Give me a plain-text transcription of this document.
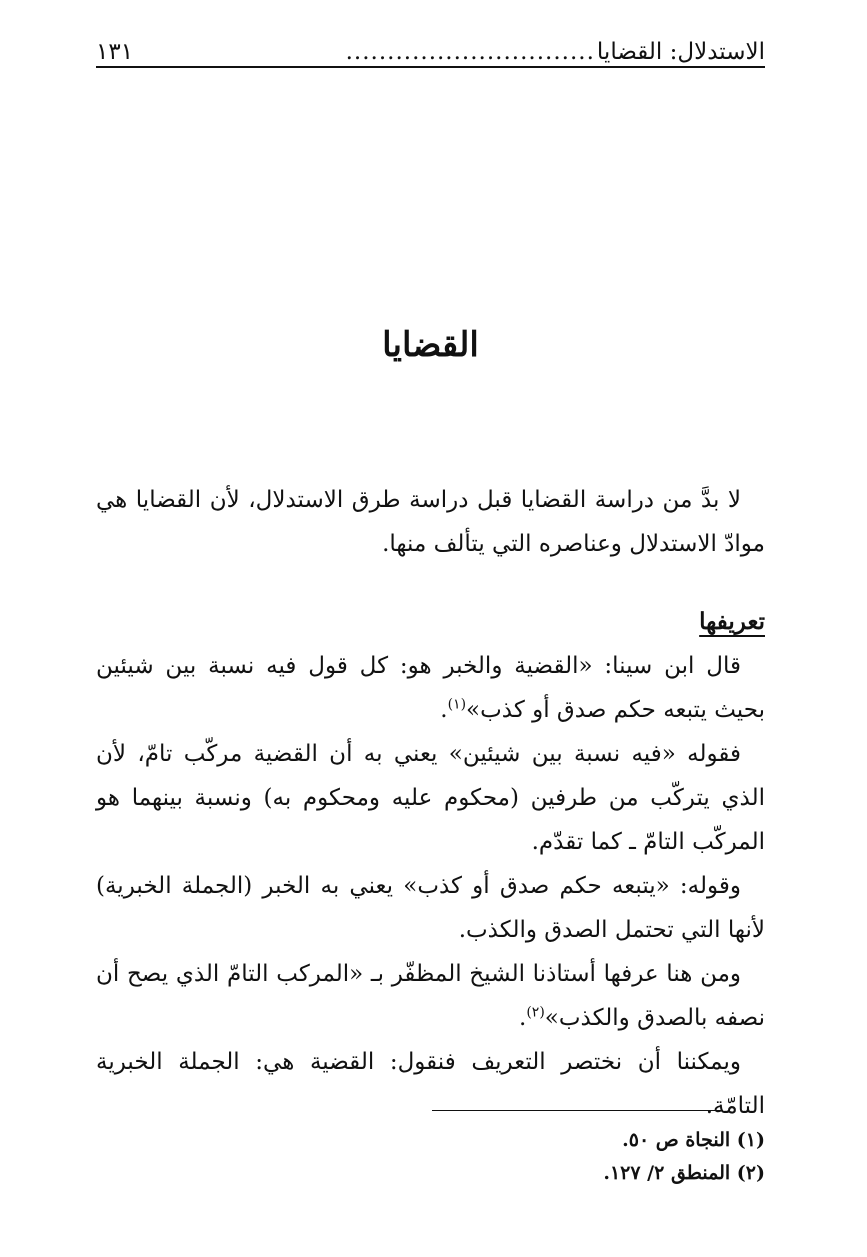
الاستدلال: القضايا
..............................
١٣١
القضايا

لا بدَّ من دراسة القضايا قبل دراسة طرق الاستدلال، لأن القضايا هي موادّ الاستدلال وعناصره التي يتألف منها.

تعريفها

قال ابن سينا: «القضية والخبر هو: كل قول فيه نسبة بين شيئين بحيث يتبعه حكم صدق أو كذب»$^{(١)}$.

فقوله «فيه نسبة بين شيئين» يعني به أن القضية مركّب تامّ، لأن الذي يتركّب من طرفين (محكوم عليه ومحكوم به) ونسبة بينهما هو المركّب التامّ ـ كما تقدّم.

وقوله: «يتبعه حكم صدق أو كذب» يعني به الخبر (الجملة الخبرية) لأنها التي تحتمل الصدق والكذب.

ومن هنا عرفها أستاذنا الشيخ المظفّر بـ «المركب التامّ الذي يصح أن نصفه بالصدق والكذب»$^{(٢)}$.

ويمكننا أن نختصر التعريف فنقول: القضية هي: الجملة الخبرية التامّة.

(١) النجاة ص ٥٠.

(٢) المنطق ٢/ ١٢٧.
